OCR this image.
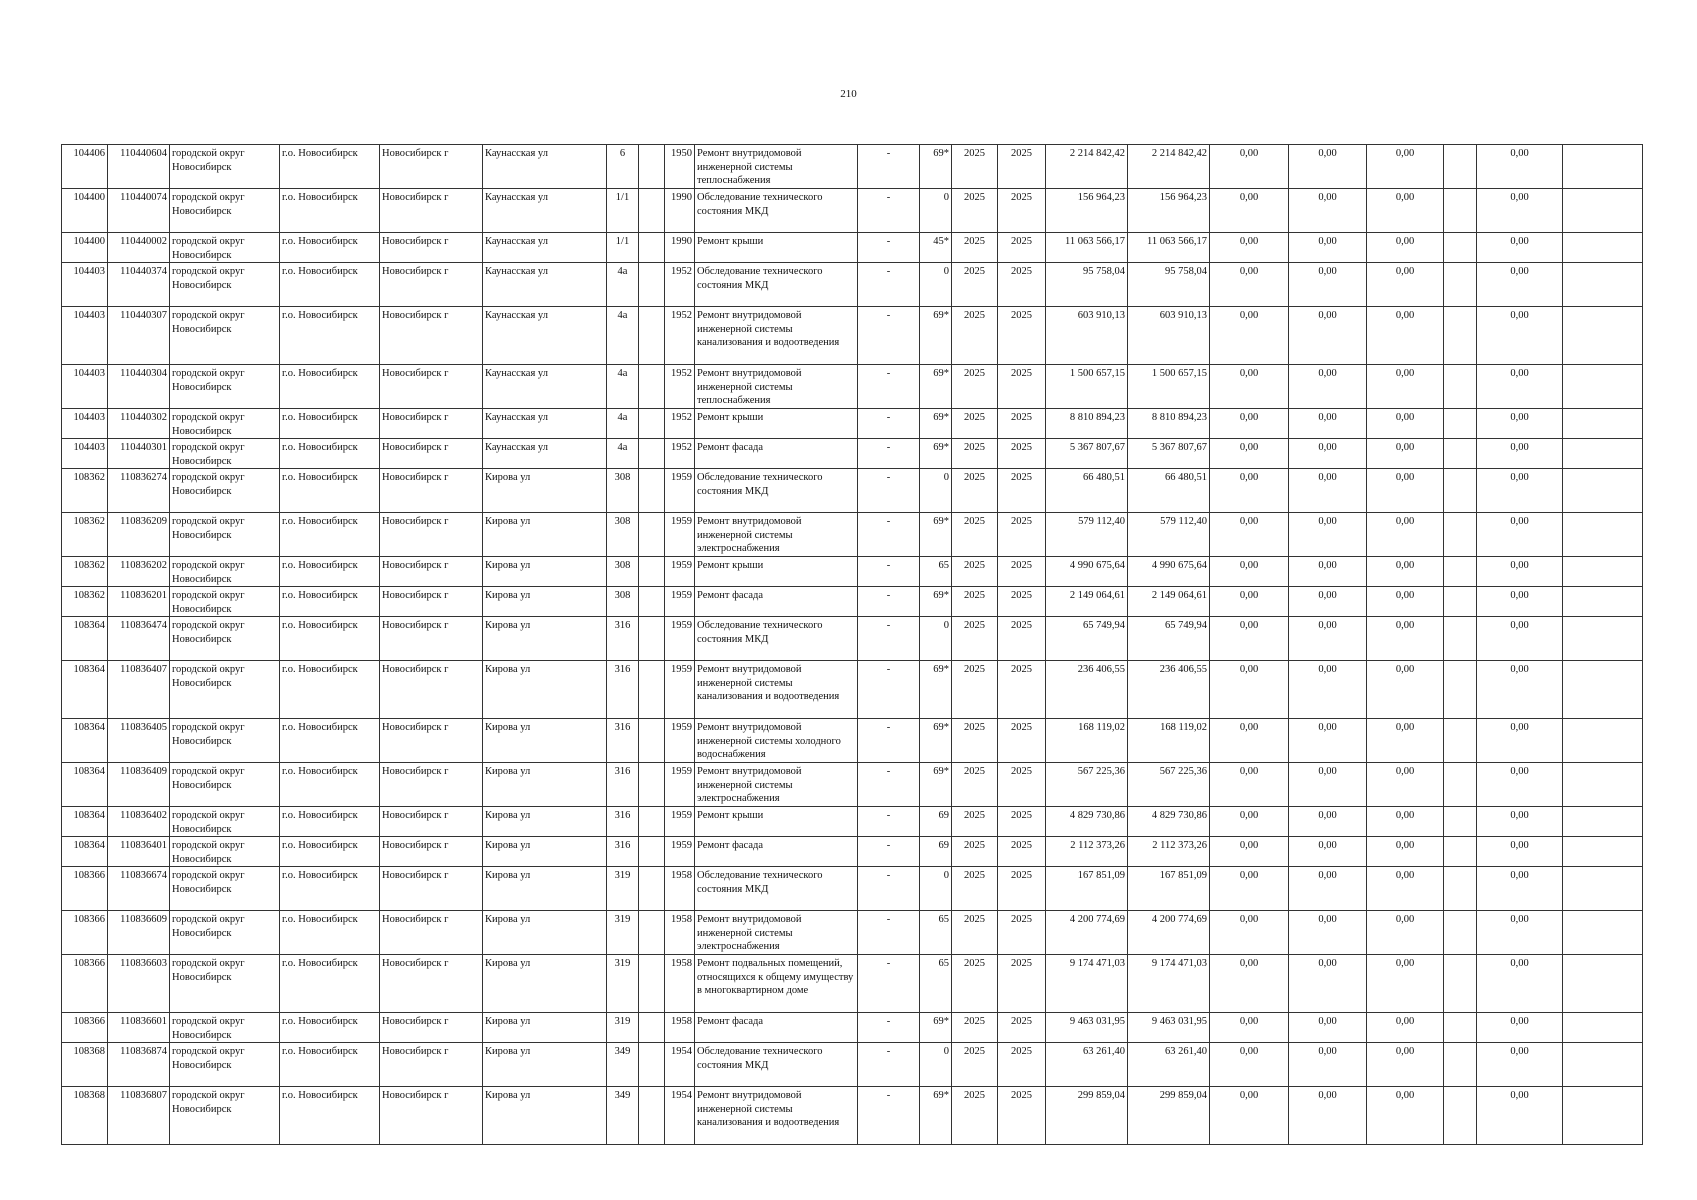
210
104406	110440604	городской округ Новосибирск	г.о. Новосибирск	Новосибирск г	Каунасская ул	6		1950	Ремонт внутридомовой инженерной системы теплоснабжения	-	69*	2025	2025	2 214 842,42	2 214 842,42	0,00	0,00	0,00		0,00	
104400	110440074	городской округ Новосибирск	г.о. Новосибирск	Новосибирск г	Каунасская ул	1/1		1990	Обследование технического состояния МКД	-	0	2025	2025	156 964,23	156 964,23	0,00	0,00	0,00		0,00	
104400	110440002	городской округ Новосибирск	г.о. Новосибирск	Новосибирск г	Каунасская ул	1/1		1990	Ремонт крыши	-	45*	2025	2025	11 063 566,17	11 063 566,17	0,00	0,00	0,00		0,00	
104403	110440374	городской округ Новосибирск	г.о. Новосибирск	Новосибирск г	Каунасская ул	4а		1952	Обследование технического состояния МКД	-	0	2025	2025	95 758,04	95 758,04	0,00	0,00	0,00		0,00	
104403	110440307	городской округ Новосибирск	г.о. Новосибирск	Новосибирск г	Каунасская ул	4а		1952	Ремонт внутридомовой инженерной системы канализования и водоотведения	-	69*	2025	2025	603 910,13	603 910,13	0,00	0,00	0,00		0,00	
104403	110440304	городской округ Новосибирск	г.о. Новосибирск	Новосибирск г	Каунасская ул	4а		1952	Ремонт внутридомовой инженерной системы теплоснабжения	-	69*	2025	2025	1 500 657,15	1 500 657,15	0,00	0,00	0,00		0,00	
104403	110440302	городской округ Новосибирск	г.о. Новосибирск	Новосибирск г	Каунасская ул	4а		1952	Ремонт крыши	-	69*	2025	2025	8 810 894,23	8 810 894,23	0,00	0,00	0,00		0,00	
104403	110440301	городской округ Новосибирск	г.о. Новосибирск	Новосибирск г	Каунасская ул	4а		1952	Ремонт фасада	-	69*	2025	2025	5 367 807,67	5 367 807,67	0,00	0,00	0,00		0,00	
108362	110836274	городской округ Новосибирск	г.о. Новосибирск	Новосибирск г	Кирова ул	308		1959	Обследование технического состояния МКД	-	0	2025	2025	66 480,51	66 480,51	0,00	0,00	0,00		0,00	
108362	110836209	городской округ Новосибирск	г.о. Новосибирск	Новосибирск г	Кирова ул	308		1959	Ремонт внутридомовой инженерной системы электроснабжения	-	69*	2025	2025	579 112,40	579 112,40	0,00	0,00	0,00		0,00	
108362	110836202	городской округ Новосибирск	г.о. Новосибирск	Новосибирск г	Кирова ул	308		1959	Ремонт крыши	-	65	2025	2025	4 990 675,64	4 990 675,64	0,00	0,00	0,00		0,00	
108362	110836201	городской округ Новосибирск	г.о. Новосибирск	Новосибирск г	Кирова ул	308		1959	Ремонт фасада	-	69*	2025	2025	2 149 064,61	2 149 064,61	0,00	0,00	0,00		0,00	
108364	110836474	городской округ Новосибирск	г.о. Новосибирск	Новосибирск г	Кирова ул	316		1959	Обследование технического состояния МКД	-	0	2025	2025	65 749,94	65 749,94	0,00	0,00	0,00		0,00	
108364	110836407	городской округ Новосибирск	г.о. Новосибирск	Новосибирск г	Кирова ул	316		1959	Ремонт внутридомовой инженерной системы канализования и водоотведения	-	69*	2025	2025	236 406,55	236 406,55	0,00	0,00	0,00		0,00	
108364	110836405	городской округ Новосибирск	г.о. Новосибирск	Новосибирск г	Кирова ул	316		1959	Ремонт внутридомовой инженерной системы холодного водоснабжения	-	69*	2025	2025	168 119,02	168 119,02	0,00	0,00	0,00		0,00	
108364	110836409	городской округ Новосибирск	г.о. Новосибирск	Новосибирск г	Кирова ул	316		1959	Ремонт внутридомовой инженерной системы электроснабжения	-	69*	2025	2025	567 225,36	567 225,36	0,00	0,00	0,00		0,00	
108364	110836402	городской округ Новосибирск	г.о. Новосибирск	Новосибирск г	Кирова ул	316		1959	Ремонт крыши	-	69	2025	2025	4 829 730,86	4 829 730,86	0,00	0,00	0,00		0,00	
108364	110836401	городской округ Новосибирск	г.о. Новосибирск	Новосибирск г	Кирова ул	316		1959	Ремонт фасада	-	69	2025	2025	2 112 373,26	2 112 373,26	0,00	0,00	0,00		0,00	
108366	110836674	городской округ Новосибирск	г.о. Новосибирск	Новосибирск г	Кирова ул	319		1958	Обследование технического состояния МКД	-	0	2025	2025	167 851,09	167 851,09	0,00	0,00	0,00		0,00	
108366	110836609	городской округ Новосибирск	г.о. Новосибирск	Новосибирск г	Кирова ул	319		1958	Ремонт внутридомовой инженерной системы электроснабжения	-	65	2025	2025	4 200 774,69	4 200 774,69	0,00	0,00	0,00		0,00	
108366	110836603	городской округ Новосибирск	г.о. Новосибирск	Новосибирск г	Кирова ул	319		1958	Ремонт подвальных помещений, относящихся к общему имуществу в многоквартирном доме	-	65	2025	2025	9 174 471,03	9 174 471,03	0,00	0,00	0,00		0,00	
108366	110836601	городской округ Новосибирск	г.о. Новосибирск	Новосибирск г	Кирова ул	319		1958	Ремонт фасада	-	69*	2025	2025	9 463 031,95	9 463 031,95	0,00	0,00	0,00		0,00	
108368	110836874	городской округ Новосибирск	г.о. Новосибирск	Новосибирск г	Кирова ул	349		1954	Обследование технического состояния МКД	-	0	2025	2025	63 261,40	63 261,40	0,00	0,00	0,00		0,00	
108368	110836807	городской округ Новосибирск	г.о. Новосибирск	Новосибирск г	Кирова ул	349		1954	Ремонт внутридомовой инженерной системы канализования и водоотведения	-	69*	2025	2025	299 859,04	299 859,04	0,00	0,00	0,00		0,00	
